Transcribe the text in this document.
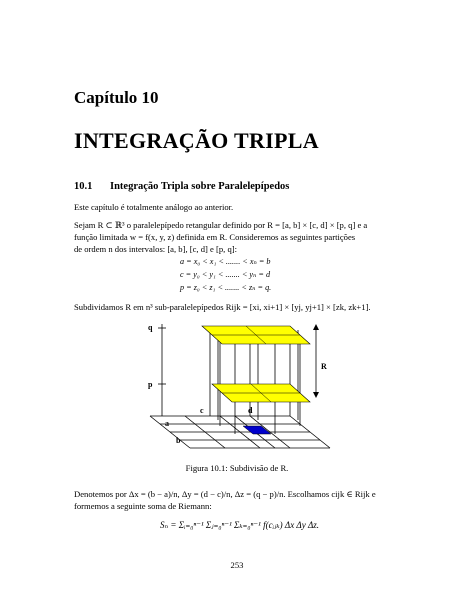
Capítulo 10
INTEGRAÇÃO TRIPLA
10.1 Integração Tripla sobre Paralelepípedos
Este capítulo é totalmente análogo ao anterior.
Sejam R ⊂ ℝ³ o paralelepípedo retangular definido por R = [a, b] × [c, d] × [p, q] e a
função limitada w = f(x, y, z) definida em R. Consideremos as seguintes partições
de ordem n dos intervalos: [a, b], [c, d] e [p, q]:
a = x₀ < x₁ < ....... < xₙ = b
c = y₀ < y₁ < ....... < yₙ = d
p = z₀ < z₁ < ....... < zₙ = q.
Subdividamos R em n³ sub-paralelepípedos Rijk = [xi, xi+1] × [yj, yj+1] × [zk, zk+1].
q
p
R
c	d
a
b
Figura 10.1: Subdivisão de R.
Denotemos por Δx = (b − a)/n, Δy = (d − c)/n, Δz = (q − p)/n. Escolhamos cijk ∈ Rijk e
formemos a seguinte soma de Riemann:
Sₙ = Σᵢ₌₀ⁿ⁻¹ Σⱼ₌₀ⁿ⁻¹ Σₖ₌₀ⁿ⁻¹ f(cᵢⱼₖ) Δx Δy Δz.
253
